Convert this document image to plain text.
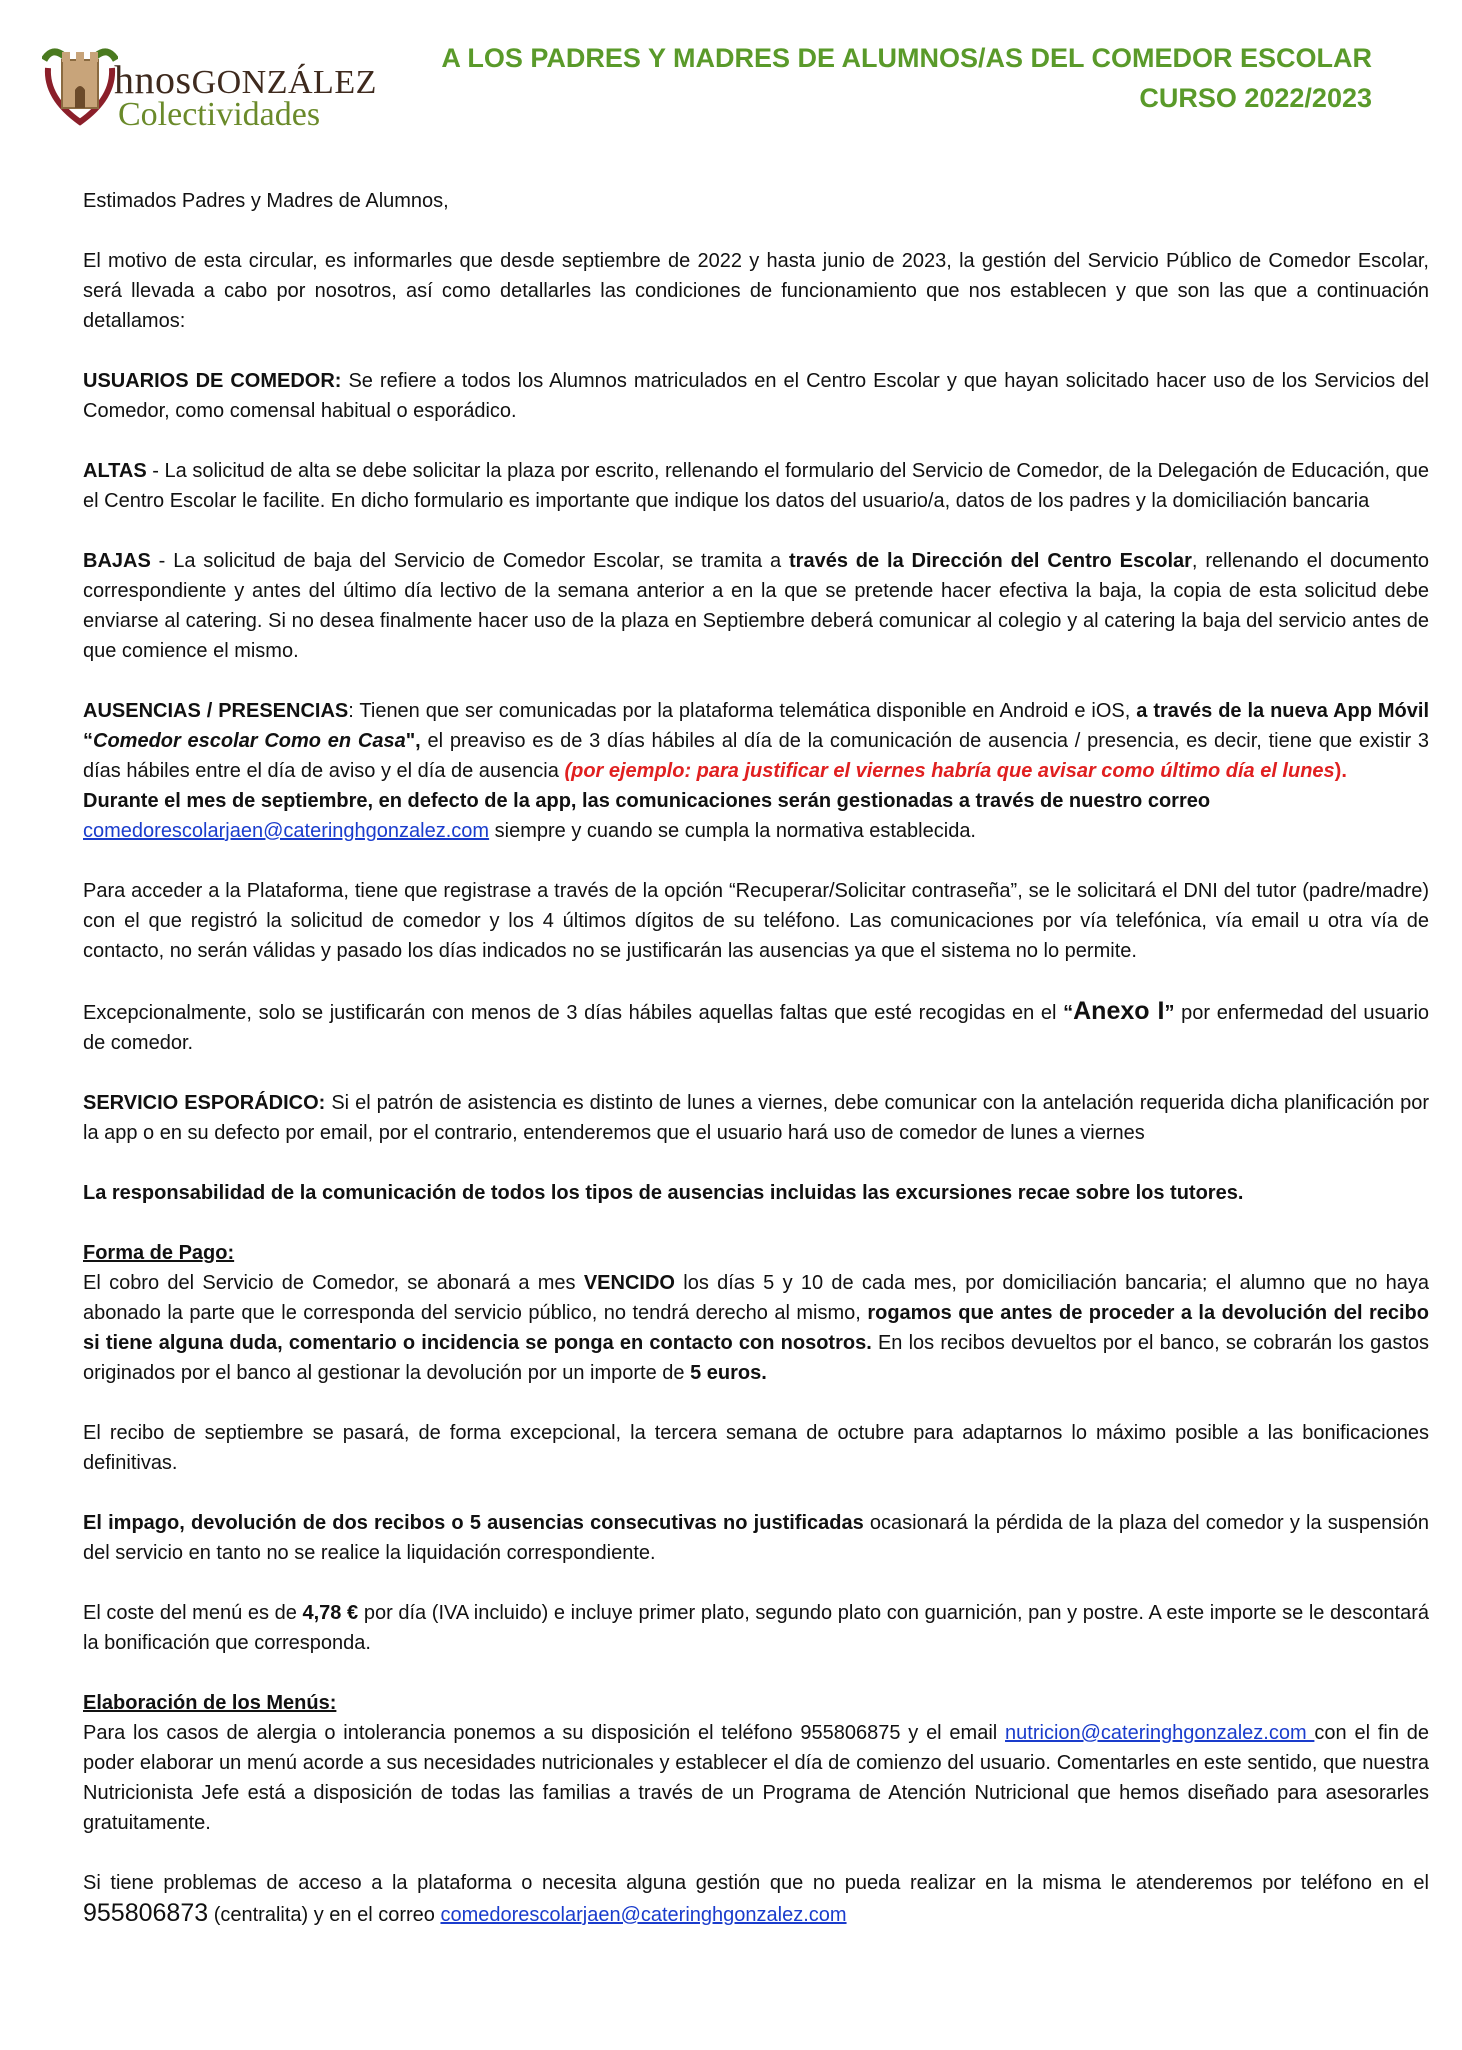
hnosGONZÁLEZ
Colectividades
A LOS PADRES Y MADRES DE ALUMNOS/AS DEL COMEDOR ESCOLAR
CURSO 2022/2023

Estimados Padres y Madres de Alumnos,

El motivo de esta circular, es informarles que desde septiembre de 2022 y hasta junio de 2023, la gestión del Servicio Público de Comedor Escolar, será llevada a cabo por nosotros, así como detallarles las condiciones de funcionamiento que nos establecen y que son las que a continuación detallamos:

USUARIOS DE COMEDOR: Se refiere a todos los Alumnos matriculados en el Centro Escolar y que hayan solicitado hacer uso de los Servicios del Comedor, como comensal habitual o esporádico.

ALTAS - La solicitud de alta se debe solicitar la plaza por escrito, rellenando el formulario del Servicio de Comedor, de la Delegación de Educación, que el Centro Escolar le facilite. En dicho formulario es importante que indique los datos del usuario/a, datos de los padres y la domiciliación bancaria

BAJAS - La solicitud de baja del Servicio de Comedor Escolar, se tramita a través de la Dirección del Centro Escolar, rellenando el documento correspondiente y antes del último día lectivo de la semana anterior a en la que se pretende hacer efectiva la baja, la copia de esta solicitud debe enviarse al catering. Si no desea finalmente hacer uso de la plaza en Septiembre deberá comunicar al colegio y al catering la baja del servicio antes de que comience el mismo.

AUSENCIAS / PRESENCIAS: Tienen que ser comunicadas por la plataforma telemática disponible en Android e iOS, a través de la nueva App Móvil “Comedor escolar Como en Casa", el preaviso es de 3 días hábiles al día de la comunicación de ausencia / presencia, es decir, tiene que existir 3 días hábiles entre el día de aviso y el día de ausencia (por ejemplo: para justificar el viernes habría que avisar como último día el lunes).

Durante el mes de septiembre, en defecto de la app, las comunicaciones serán gestionadas a través de nuestro correo
comedorescolarjaen@cateringhgonzalez.com siempre y cuando se cumpla la normativa establecida.

Para acceder a la Plataforma, tiene que registrase a través de la opción “Recuperar/Solicitar contraseña”, se le solicitará el DNI del tutor (padre/madre) con el que registró la solicitud de comedor y los 4 últimos dígitos de su teléfono. Las comunicaciones por vía telefónica, vía email u otra vía de contacto, no serán válidas y pasado los días indicados no se justificarán las ausencias ya que el sistema no lo permite.

Excepcionalmente, solo se justificarán con menos de 3 días hábiles aquellas faltas que esté recogidas en el “Anexo I” por enfermedad del usuario de comedor.

SERVICIO ESPORÁDICO: Si el patrón de asistencia es distinto de lunes a viernes, debe comunicar con la antelación requerida dicha planificación por la app o en su defecto por email, por el contrario, entenderemos que el usuario hará uso de comedor de lunes a viernes

La responsabilidad de la comunicación de todos los tipos de ausencias incluidas las excursiones recae sobre los tutores.

Forma de Pago:
El cobro del Servicio de Comedor, se abonará a mes VENCIDO los días 5 y 10 de cada mes, por domiciliación bancaria; el alumno que no haya abonado la parte que le corresponda del servicio público, no tendrá derecho al mismo, rogamos que antes de proceder a la devolución del recibo si tiene alguna duda, comentario o incidencia se ponga en contacto con nosotros. En los recibos devueltos por el banco, se cobrarán los gastos originados por el banco al gestionar la devolución por un importe de 5 euros.

El recibo de septiembre se pasará, de forma excepcional, la tercera semana de octubre para adaptarnos lo máximo posible a las bonificaciones definitivas.

El impago, devolución de dos recibos o 5 ausencias consecutivas no justificadas ocasionará la pérdida de la plaza del comedor y la suspensión del servicio en tanto no se realice la liquidación correspondiente.

El coste del menú es de 4,78 € por día (IVA incluido) e incluye primer plato, segundo plato con guarnición, pan y postre. A este importe se le descontará la bonificación que corresponda.

Elaboración de los Menús:
Para los casos de alergia o intolerancia ponemos a su disposición el teléfono 955806875 y el email nutricion@cateringhgonzalez.com con el fin de poder elaborar un menú acorde a sus necesidades nutricionales y establecer el día de comienzo del usuario. Comentarles en este sentido, que nuestra Nutricionista Jefe está a disposición de todas las familias a través de un Programa de Atención Nutricional que hemos diseñado para asesorarles gratuitamente.

Si tiene problemas de acceso a la plataforma o necesita alguna gestión que no pueda realizar en la misma le atenderemos por teléfono en el 955806873 (centralita) y en el correo comedorescolarjaen@cateringhgonzalez.com
